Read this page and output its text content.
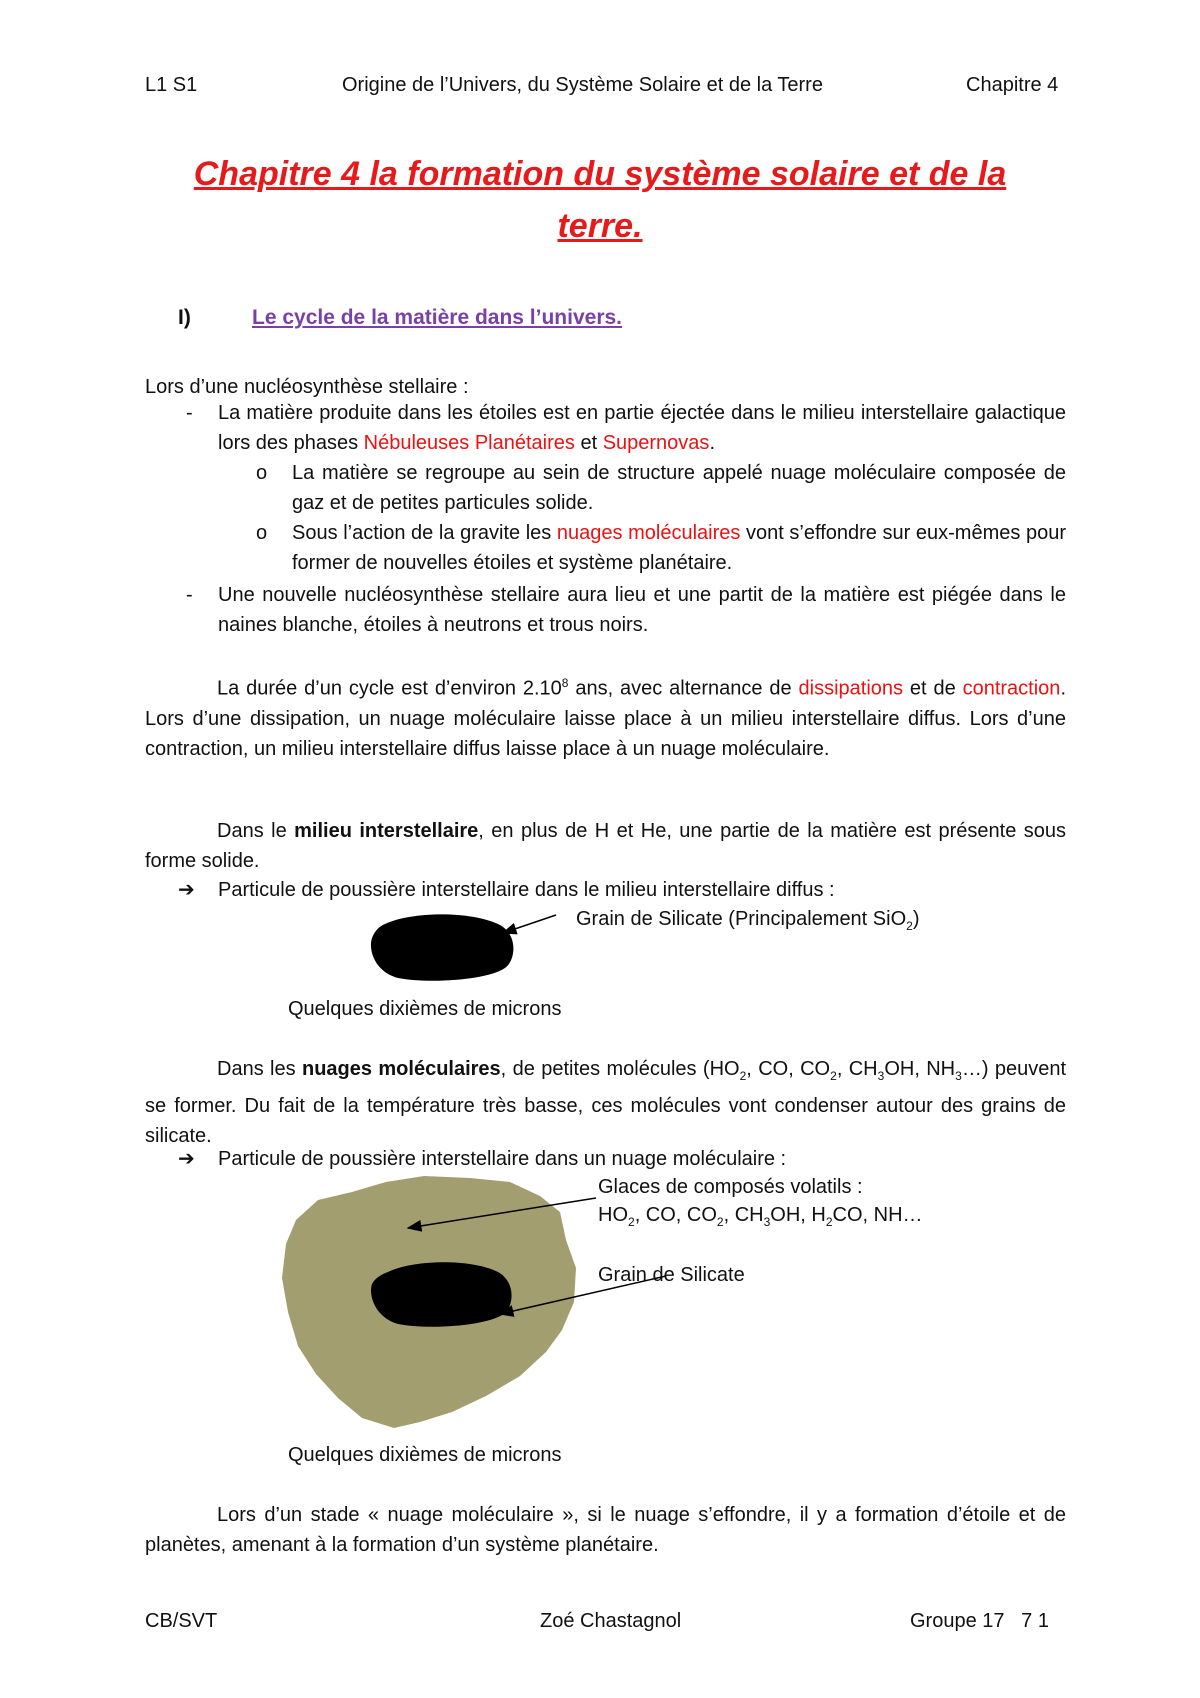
L1 S1	Origine de l’Univers, du Système Solaire et de la Terre	Chapitre 4
Chapitre 4 la formation du système solaire et de la
terre.
I)	Le cycle de la matière dans l’univers.
Lors d’une nucléosynthèse stellaire :
- La matière produite dans les étoiles est en partie éjectée dans le milieu interstellaire galactique lors des phases Nébuleuses Planétaires et Supernovas.
o La matière se regroupe au sein de structure appelé nuage moléculaire composée de gaz et de petites particules solide.
o Sous l’action de la gravite les nuages moléculaires vont s’effondre sur eux-mêmes pour former de nouvelles étoiles et système planétaire.
- Une nouvelle nucléosynthèse stellaire aura lieu et une partit de la matière est piégée dans le naines blanche, étoiles à neutrons et trous noirs.
La durée d’un cycle est d’environ 2.10$^8$ ans, avec alternance de dissipations et de contraction. Lors d’une dissipation, un nuage moléculaire laisse place à un milieu interstellaire diffus. Lors d’une contraction, un milieu interstellaire diffus laisse place à un nuage moléculaire.
Dans le milieu interstellaire, en plus de H et He, une partie de la matière est présente sous forme solide.
➔ Particule de poussière interstellaire dans le milieu interstellaire diffus :
Grain de Silicate (Principalement SiO$_2$)
Quelques dixièmes de microns
Dans les nuages moléculaires, de petites molécules ($HO_2$, CO, $CO_2$, $CH_3OH$, $NH_3\dots$) peuvent se former. Du fait de la température très basse, ces molécules vont condenser autour des grains de silicate.
➔ Particule de poussière interstellaire dans un nuage moléculaire :
Glaces de composés volatils :
$HO_2$, CO, $CO_2$, $CH_3OH$, $H_2CO$, NH…
Grain de Silicate
Quelques dixièmes de microns
Lors d’un stade « nuage moléculaire », si le nuage s’effondre, il y a formation d’étoile et de planètes, amenant à la formation d’un système planétaire.
CB/SVT	Zoé Chastagnol	Groupe 17   7 1
